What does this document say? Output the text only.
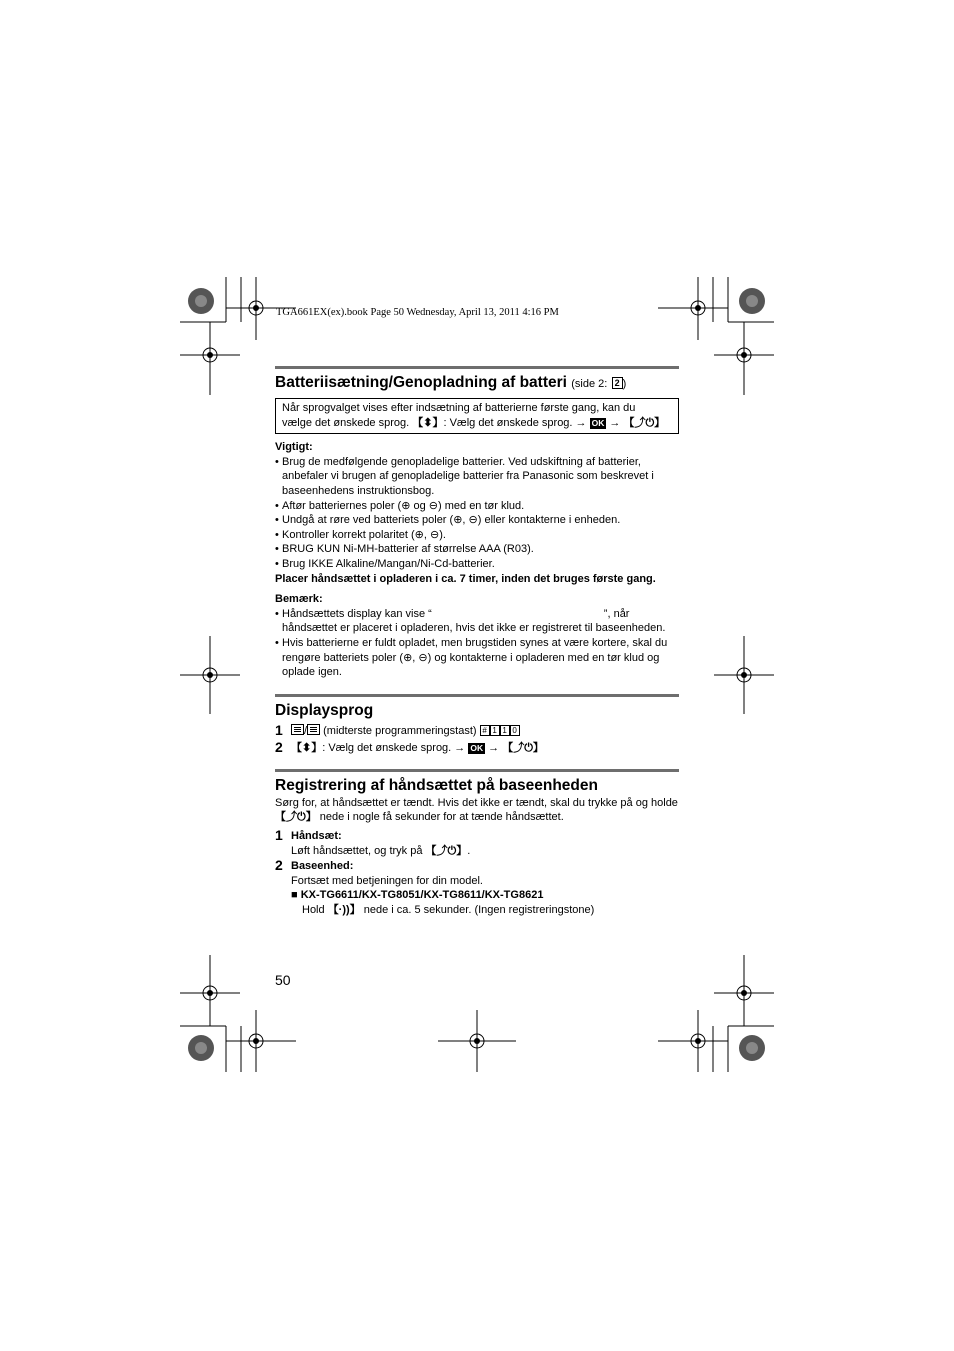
TGA661EX(ex).book Page 50 Wednesday, April 13, 2011 4:16 PM
Batteriisætning/Genopladning af batteri (side 2: 2 )
Når sprogvalget vises efter indsætning af batterierne første gang, kan du
vælge det ønskede sprog. 【⬍】: Vælg det ønskede sprog. → OK → 【⤴⏻】
Vigtigt:
• Brug de medfølgende genopladelige batterier. Ved udskiftning af batterier, anbefaler vi brugen af genopladelige batterier fra Panasonic som beskrevet i baseenhedens instruktionsbog.
• Aftør batteriernes poler (⊕ og ⊖) med en tør klud.
• Undgå at røre ved batteriets poler (⊕, ⊖) eller kontakterne i enheden.
• Kontroller korrekt polaritet (⊕, ⊖).
• BRUG KUN Ni-MH-batterier af størrelse AAA (R03).
• Brug IKKE Alkaline/Mangan/Ni-Cd-batterier.
Placer håndsættet i opladeren i ca. 7 timer, inden det bruges første gang.
Bemærk:
• Håndsættets display kan vise “	”, når håndsættet er placeret i opladeren, hvis det ikke er registreret til baseenheden.
• Hvis batterierne er fuldt opladet, men brugstiden synes at være kortere, skal du rengøre batteriets poler (⊕, ⊖) og kontakterne i opladeren med en tør klud og oplade igen.
Displaysprog
1 / (midterste programmeringstast) # 1 1 0
2 【⬍】: Vælg det ønskede sprog. → OK → 【⤴⏻】
Registrering af håndsættet på baseenheden
Sørg for, at håndsættet er tændt. Hvis det ikke er tændt, skal du trykke på og holde 【⤴⏻】 nede i nogle få sekunder for at tænde håndsættet.
1 Håndsæt:
Løft håndsættet, og tryk på 【⤴⏻】.
2 Baseenhed:
Fortsæt med betjeningen for din model.
■ KX-TG6611/KX-TG8051/KX-TG8611/KX-TG8621
Hold 【·))】 nede i ca. 5 sekunder. (Ingen registreringstone)
50
